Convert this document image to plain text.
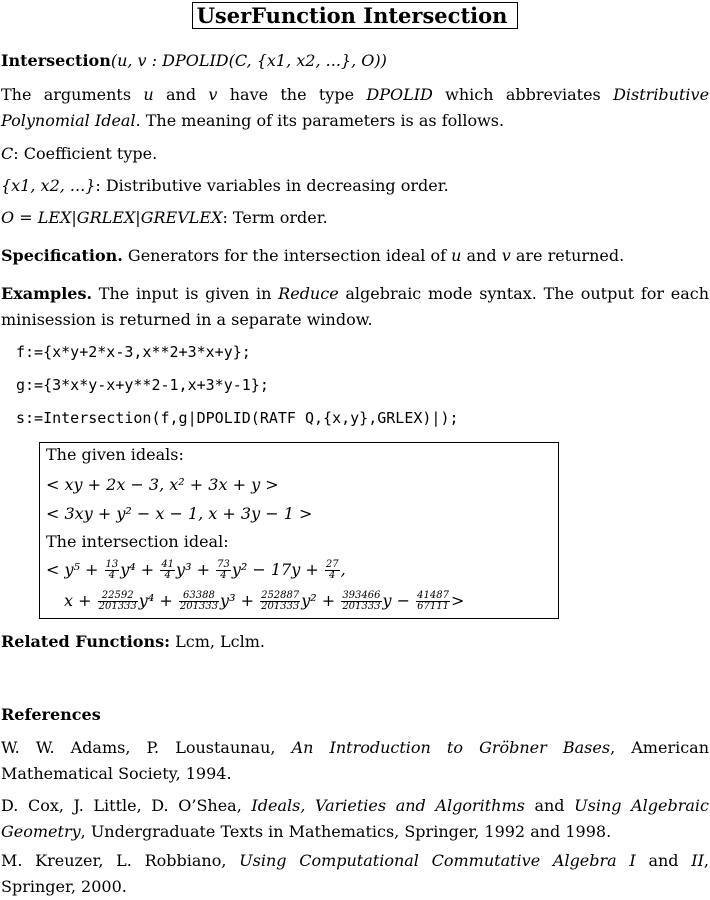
UserFunction Intersection

Intersection(u, v : DPOLID(C, {x1, x2, ...}, O))

The arguments u and v have the type DPOLID which abbreviates Distributive Polynomial Ideal. The meaning of its parameters is as follows.

C: Coefficient type.

{x1, x2, ...}: Distributive variables in decreasing order.

O = LEX|GRLEX|GREVLEX: Term order.

Specification. Generators for the intersection ideal of u and v are returned.

Examples. The input is given in Reduce algebraic mode syntax. The output for each minisession is returned in a separate window.

f:={x*y+2*x-3,x**2+3*x+y};
g:={3*x*y-x+y**2-1,x+3*y-1};
s:=Intersection(f,g|DPOLID(RATF Q,{x,y},GRLEX)|);
The given ideals:
< xy + 2x − 3, x² + 3x + y >
< 3xy + y² − x − 1, x + 3y − 1 >
The intersection ideal:
< $y^5 + \frac{13}{4} y^4 + \frac{41}{4} y^3 + \frac{73}{4} y^2 - 17y + \frac{27}{4}$ ,
$x + \frac{22592}{201333} y^4 + \frac{63388}{201333} y^3 + \frac{252887}{201333} y^2 + \frac{393466}{201333}$ $y - \frac{41487}{67111}$ >

Related Functions: Lcm, Lclm.

References

W. W. Adams, P. Loustaunau, An Introduction to Gröbner Bases, American Mathematical Society, 1994.

D. Cox, J. Little, D. O’Shea, Ideals, Varieties and Algorithms and Using Algebraic Geometry, Undergraduate Texts in Mathematics, Springer, 1992 and 1998.

M. Kreuzer, L. Robbiano, Using Computational Commutative Algebra I and II, Springer, 2000.
